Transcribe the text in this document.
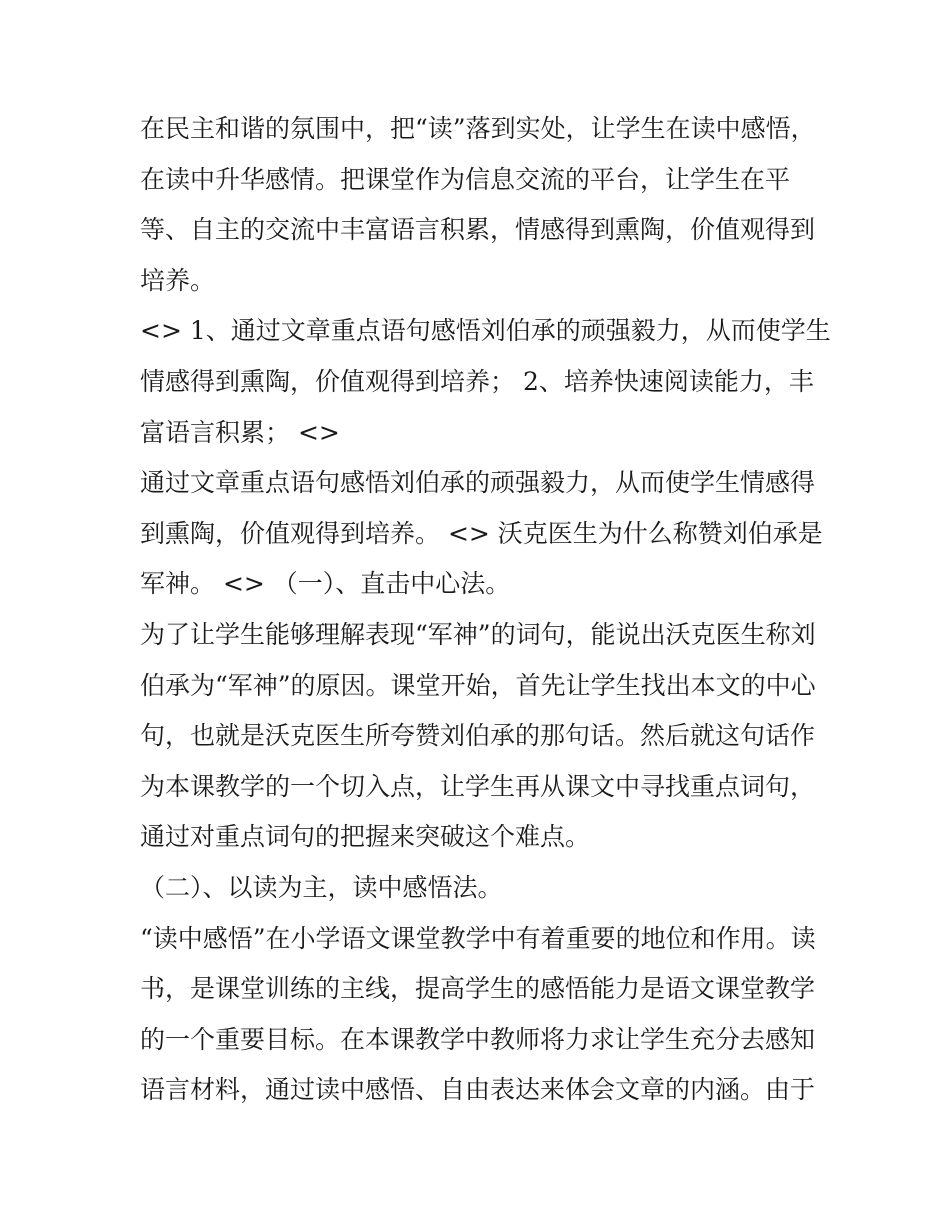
在民主和谐的氛围中，把“读”落到实处，让学生在读中感悟，
在读中升华感情。把课堂作为信息交流的平台，让学生在平
等、自主的交流中丰富语言积累，情感得到熏陶，价值观得到
培养。
<> 1、通过文章重点语句感悟刘伯承的顽强毅力，从而使学生
情感得到熏陶，价值观得到培养； 2、培养快速阅读能力，丰
富语言积累； <>
通过文章重点语句感悟刘伯承的顽强毅力，从而使学生情感得
到熏陶，价值观得到培养。 <> 沃克医生为什么称赞刘伯承是
军神。 <> （一）、直击中心法。
为了让学生能够理解表现“军神”的词句，能说出沃克医生称刘
伯承为“军神”的原因。课堂开始，首先让学生找出本文的中心
句，也就是沃克医生所夸赞刘伯承的那句话。然后就这句话作
为本课教学的一个切入点，让学生再从课文中寻找重点词句，
通过对重点词句的把握来突破这个难点。
（二）、以读为主，读中感悟法。
“读中感悟”在小学语文课堂教学中有着重要的地位和作用。读
书，是课堂训练的主线，提高学生的感悟能力是语文课堂教学
的一个重要目标。在本课教学中教师将力求让学生充分去感知
语言材料，通过读中感悟、自由表达来体会文章的内涵。由于
